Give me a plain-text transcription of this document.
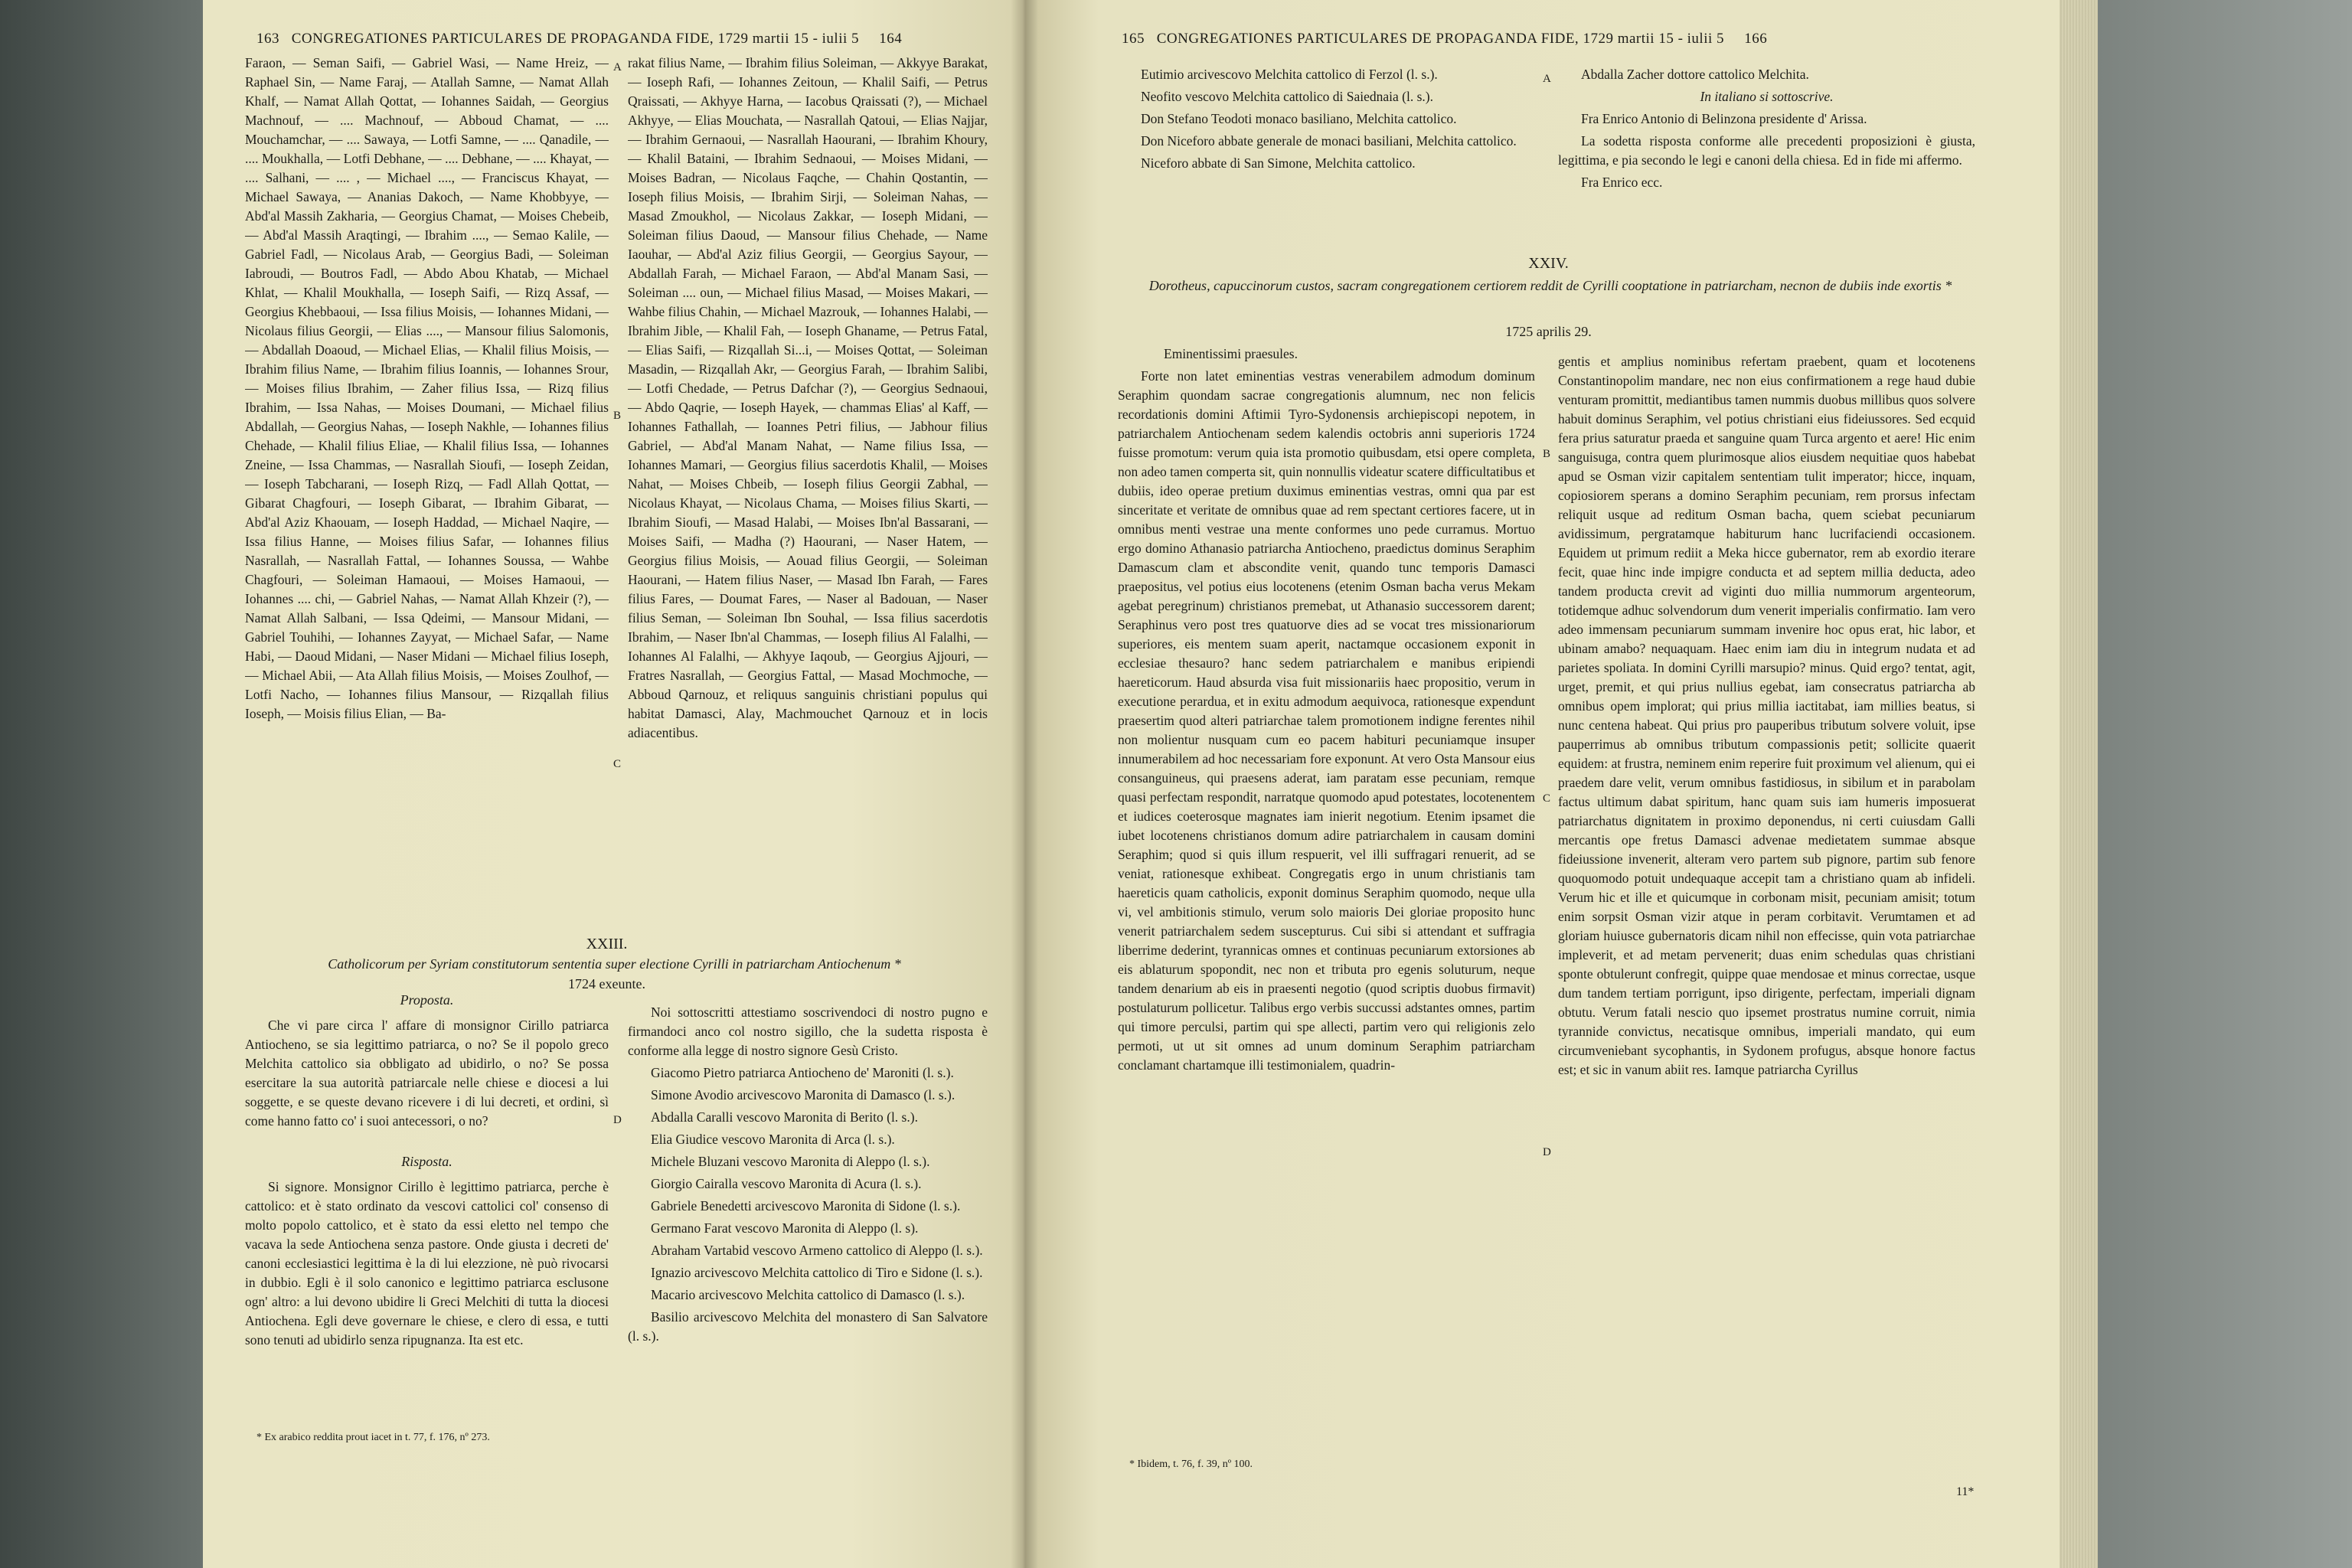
163 CONGREGATIONES PARTICULARES DE PROPAGANDA FIDE, 1729 martii 15 - iulii 5 164

Faraon, — Seman Saifi, — Gabriel Wasi, — Name Hreiz, — Raphael Sin, — Name Faraj, — Atallah Samne, — Namat Allah Khalf, — Namat Allah Qottat, — Iohannes Saidah, — Georgius Machnouf, — .... Machnouf, — Abboud Chamat, — .... Mouchamchar, — .... Sawaya, — Lotfi Samne, — .... Qanadile, — .... Moukhalla, — Lotfi Debhane, — .... Debhane, — .... Khayat, — .... Salhani, — .... , — Michael ...., — Franciscus Khayat, — Michael Sawaya, — Ananias Dakoch, — Name Khobbyye, — Abd'al Massih Zakharia, — Georgius Chamat, — Moises Chebeib, — Abd'al Massih Araqtingi, — Ibrahim ...., — Semao Kalile, — Gabriel Fadl, — Nicolaus Arab, — Georgius Badi, — Soleiman Iabroudi, — Boutros Fadl, — Abdo Abou Khatab, — Michael Khlat, — Khalil Moukhalla, — Ioseph Saifi, — Rizq Assaf, — Georgius Khebbaoui, — Issa filius Moisis, — Iohannes Midani, — Nicolaus filius Georgii, — Elias ...., — Mansour filius Salomonis, — Abdallah Doaoud, — Michael Elias, — Khalil filius Moisis, — Ibrahim filius Name, — Ibrahim filius Ioannis, — Iohannes Srour, — Moises filius Ibrahim, — Zaher filius Issa, — Rizq filius Ibrahim, — Issa Nahas, — Moises Doumani, — Michael filius Abdallah, — Georgius Nahas, — Ioseph Nakhle, — Iohannes filius Chehade, — Khalil filius Eliae, — Khalil filius Issa, — Iohannes Zneine, — Issa Chammas, — Nasrallah Sioufi, — Ioseph Zeidan, — Ioseph Tabcharani, — Ioseph Rizq, — Fadl Allah Qottat, — Gibarat Chagfouri, — Ioseph Gibarat, — Ibrahim Gibarat, — Abd'al Aziz Khaouam, — Ioseph Haddad, — Michael Naqire, — Issa filius Hanne, — Moises filius Safar, — Iohannes filius Nasrallah, — Nasrallah Fattal, — Iohannes Soussa, — Wahbe Chagfouri, — Soleiman Hamaoui, — Moises Hamaoui, — Iohannes .... chi, — Gabriel Nahas, — Namat Allah Khzeir (?), — Namat Allah Salbani, — Issa Qdeimi, — Mansour Midani, — Gabriel Touhihi, — Iohannes Zayyat, — Michael Safar, — Name Habi, — Daoud Midani, — Naser Midani — Michael filius Ioseph, — Michael Abii, — Ata Allah filius Moisis, — Moises Zoulhof, — Lotfi Nacho, — Iohannes filius Mansour, — Rizqallah filius Ioseph, — Moisis filius Elian, — Ba-

rakat filius Name, — Ibrahim filius Soleiman, — Akkyye Barakat, — Ioseph Rafi, — Iohannes Zeitoun, — Khalil Saifi, — Petrus Qraissati, — Akhyye Harna, — Iacobus Qraissati (?), — Michael Akhyye, — Elias Mouchata, — Nasrallah Qatoui, — Elias Najjar, — Ibrahim Gernaoui, — Nasrallah Haourani, — Ibrahim Khoury, — Khalil Bataini, — Ibrahim Sednaoui, — Moises Midani, — Moises Badran, — Nicolaus Faqche, — Chahin Qostantin, — Ioseph filius Moisis, — Ibrahim Sirji, — Soleiman Nahas, — Masad Zmoukhol, — Nicolaus Zakkar, — Ioseph Midani, — Soleiman filius Daoud, — Mansour filius Chehade, — Name Iaouhar, — Abd'al Aziz filius Georgii, — Georgius Sayour, — Abdallah Farah, — Michael Faraon, — Abd'al Manam Sasi, — Soleiman .... oun, — Michael filius Masad, — Moises Makari, — Wahbe filius Chahin, — Michael Mazrouk, — Iohannes Halabi, — Ibrahim Jible, — Khalil Fah, — Ioseph Ghaname, — Petrus Fatal, — Elias Saifi, — Rizqallah Si...i, — Moises Qottat, — Soleiman Masadin, — Rizqallah Akr, — Georgius Farah, — Ibrahim Salibi, — Lotfi Chedade, — Petrus Dafchar (?), — Georgius Sednaoui, — Abdo Qaqrie, — Ioseph Hayek, — chammas Elias' al Kaff, — Iohannes Fathallah, — Ioannes Petri filius, — Jabhour filius Gabriel, — Abd'al Manam Nahat, — Name filius Issa, — Iohannes Mamari, — Georgius filius sacerdotis Khalil, — Moises Nahat, — Moises Chbeib, — Ioseph filius Georgii Zabhal, — Nicolaus Khayat, — Nicolaus Chama, — Moises filius Skarti, — Ibrahim Sioufi, — Masad Halabi, — Moises Ibn'al Bassarani, — Moises Saifi, — Madha (?) Haourani, — Naser Hatem, — Georgius filius Moisis, — Aouad filius Georgii, — Soleiman Haourani, — Hatem filius Naser, — Masad Ibn Farah, — Fares filius Fares, — Doumat Fares, — Naser al Badouan, — Naser filius Seman, — Soleiman Ibn Souhal, — Issa filius sacerdotis Ibrahim, — Naser Ibn'al Chammas, — Ioseph filius Al Falalhi, — Iohannes Al Falalhi, — Akhyye Iaqoub, — Georgius Ajjouri, — Fratres Nasrallah, — Georgius Fattal, — Masad Mochmoche, — Abboud Qarnouz, et reliquus sanguinis christiani populus qui habitat Damasci, Alay, Machmouchet Qarnouz et in locis adiacentibus.

A
B
C
D
XXIII.
Catholicorum per Syriam constitutorum sententia super electione Cyrilli in patriarcham Antiochenum *
1724 exeunte.
Proposta.

Che vi pare circa l' affare di monsignor Cirillo patriarca Antiocheno, se sia legittimo patriarca, o no? Se il popolo greco Melchita cattolico sia obbligato ad ubidirlo, o no? Se possa esercitare la sua autorità patriarcale nelle chiese e diocesi a lui soggette, e se queste devano ricevere i di lui decreti, et ordini, sì come hanno fatto co' i suoi antecessori, o no?

Risposta.

Si signore. Monsignor Cirillo è legittimo patriarca, perche è cattolico: et è stato ordinato da vescovi cattolici col' consenso di molto popolo cattolico, et è stato da essi eletto nel tempo che vacava la sede Antiochena senza pastore. Onde giusta i decreti de' canoni ecclesiastici legittima è la di lui elezzione, nè può rivocarsi in dubbio. Egli è il solo canonico e legittimo patriarca esclusone ogn' altro: a lui devono ubidire li Greci Melchiti di tutta la diocesi Antiochena. Egli deve governare le chiese, e clero di essa, e tutti sono tenuti ad ubidirlo senza ripugnanza. Ita est etc.

Noi sottoscritti attestiamo soscrivendoci di nostro pugno e firmandoci anco col nostro sigillo, che la sudetta risposta è conforme alla legge di nostro signore Gesù Cristo.

Giacomo Pietro patriarca Antiocheno de' Maroniti (l. s.).

Simone Avodio arcivescovo Maronita di Damasco (l. s.).

Abdalla Caralli vescovo Maronita di Berito (l. s.).

Elia Giudice vescovo Maronita di Arca (l. s.).

Michele Bluzani vescovo Maronita di Aleppo (l. s.).

Giorgio Cairalla vescovo Maronita di Acura (l. s.).

Gabriele Benedetti arcivescovo Maronita di Sidone (l. s.).

Germano Farat vescovo Maronita di Aleppo (l. s).

Abraham Vartabid vescovo Armeno cattolico di Aleppo (l. s.).

Ignazio arcivescovo Melchita cattolico di Tiro e Sidone (l. s.).

Macario arcivescovo Melchita cattolico di Damasco (l. s.).

Basilio arcivescovo Melchita del monastero di San Salvatore (l. s.).

* Ex arabico reddita prout iacet in t. 77, f. 176, nº 273.
165 CONGREGATIONES PARTICULARES DE PROPAGANDA FIDE, 1729 martii 15 - iulii 5 166

Eutimio arcivescovo Melchita cattolico di Ferzol (l. s.).

Neofito vescovo Melchita cattolico di Saiednaia (l. s.).

Don Stefano Teodoti monaco basiliano, Melchita cattolico.

Don Niceforo abbate generale de monaci basiliani, Melchita cattolico.

Niceforo abbate di San Simone, Melchita cattolico.

Abdalla Zacher dottore cattolico Melchita.

In italiano si sottoscrive.

Fra Enrico Antonio di Belinzona presidente d' Arissa.

La sodetta risposta conforme alle precedenti proposizioni è giusta, legittima, e pia secondo le legi e canoni della chiesa. Ed in fide mi affermo.

Fra Enrico ecc.

A
B
C
D
XXIV.
Dorotheus, capuccinorum custos, sacram congregationem certiorem reddit de Cyrilli cooptatione in patriarcham, necnon de dubiis inde exortis *
1725 aprilis 29.

Eminentissimi praesules.

Forte non latet eminentias vestras venerabilem admodum dominum Seraphim quondam sacrae congregationis alumnum, nec non felicis recordationis domini Aftimii Tyro-Sydonensis archiepiscopi nepotem, in patriarchalem Antiochenam sedem kalendis octobris anni superioris 1724 fuisse promotum: verum quia ista promotio quibusdam, etsi opere completa, non adeo tamen comperta sit, quin nonnullis videatur scatere difficultatibus et dubiis, ideo operae pretium duximus eminentias vestras, omni qua par est sinceritate et veritate de omnibus quae ad rem spectant certiores facere, ut in omnibus menti vestrae una mente conformes uno pede curramus. Mortuo ergo domino Athanasio patriarcha Antiocheno, praedictus dominus Seraphim Damascum clam et abscondite venit, quando tunc temporis Damasci praepositus, vel potius eius locotenens (etenim Osman bacha verus Mekam agebat peregrinum) christianos premebat, ut Athanasio successorem darent; Seraphinus vero post tres quatuorve dies ad se vocat tres missionariorum superiores, eis mentem suam aperit, nactamque occasionem exponit in ecclesiae thesauro? hanc sedem patriarchalem e manibus eripiendi haereticorum. Haud absurda visa fuit missionariis haec propositio, verum in executione perardua, et in exitu admodum aequivoca, rationesque expendunt praesertim quod alteri patriarchae talem promotionem indigne ferentes nihil non molientur nusquam cum eo pacem habituri pecuniamque insuper innumerabilem ad hoc necessariam fore exponunt. At vero Osta Mansour eius consanguineus, qui praesens aderat, iam paratam esse pecuniam, remque quasi perfectam respondit, narratque quomodo apud potestates, locotenentem et iudices coeterosque magnates iam inierit negotium. Etenim ipsamet die iubet locotenens christianos domum adire patriarchalem in causam domini Seraphim; quod si quis illum respuerit, vel illi suffragari renuerit, ad se veniat, rationesque exhibeat. Congregatis ergo in unum christianis tam haereticis quam catholicis, exponit dominus Seraphim quomodo, neque ulla vi, vel ambitionis stimulo, verum solo maioris Dei gloriae proposito hunc venerit patriarchalem sedem suscepturus. Cui sibi si attendant et suffragia liberrime dederint, tyrannicas omnes et continuas pecuniarum extorsiones ab eis ablaturum spopondit, nec non et tributa pro egenis soluturum, neque tandem denarium ab eis in praesenti negotio (quod scriptis duobus firmavit) postulaturum pollicetur. Talibus ergo verbis succussi adstantes omnes, partim qui timore perculsi, partim qui spe allecti, partim vero qui religionis zelo permoti, ut ut sit omnes ad unum dominum Seraphim patriarcham conclamant chartamque illi testimonialem, quadrin-

gentis et amplius nominibus refertam praebent, quam et locotenens Constantinopolim mandare, nec non eius confirmationem a rege haud dubie venturam promittit, mediantibus tamen nummis duobus millibus quos solvere habuit dominus Seraphim, vel potius christiani eius fideiussores. Sed ecquid fera prius saturatur praeda et sanguine quam Turca argento et aere! Hic enim sanguisuga, contra quem plurimosque alios eiusdem nequitiae quos habebat apud se Osman vizir capitalem sententiam tulit imperator; hicce, inquam, copiosiorem sperans a domino Seraphim pecuniam, rem prorsus infectam reliquit usque ad reditum Osman bacha, quem sciebat pecuniarum avidissimum, pergratamque habiturum hanc lucrifaciendi occasionem. Equidem ut primum rediit a Meka hicce gubernator, rem ab exordio iterare fecit, quae hinc inde impigre conducta et ad septem millia deducta, adeo tandem producta crevit ad viginti duo millia nummorum argenteorum, totidemque adhuc solvendorum dum venerit imperialis confirmatio. Iam vero adeo immensam pecuniarum summam invenire hoc opus erat, hic labor, et ubinam amabo? nequaquam. Haec enim iam diu in integrum nudata et ad parietes spoliata. In domini Cyrilli marsupio? minus. Quid ergo? tentat, agit, urget, premit, et qui prius nullius egebat, iam consecratus patriarcha ab omnibus opem implorat; qui prius millia iactitabat, iam millies beatus, si nunc centena habeat. Qui prius pro pauperibus tributum solvere voluit, ipse pauperrimus ab omnibus tributum compassionis petit; sollicite quaerit equidem: at frustra, neminem enim reperire fuit proximum vel alienum, qui ei praedem dare velit, verum omnibus fastidiosus, in sibilum et in parabolam factus ultimum dabat spiritum, hanc quam suis iam humeris imposuerat patriarchatus dignitatem in proximo deponendus, ni certi cuiusdam Galli mercantis ope fretus Damasci advenae medietatem summae absque fideiussione invenerit, alteram vero partem sub pignore, partim sub fenore quoquomodo potuit undequaque accepit tam a christiano quam ab infideli. Verum hic et ille et quicumque in corbonam misit, pecuniam amisit; totum enim sorpsit Osman vizir atque in peram corbitavit. Verumtamen et ad gloriam huiusce gubernatoris dicam nihil non effecisse, quin vota patriarchae impleverit, et ad metam pervenerit; duas enim schedulas quas christiani sponte obtulerunt confregit, quippe quae mendosae et minus correctae, usque dum tandem tertiam porrigunt, ipso dirigente, perfectam, imperiali dignam obtutu. Verum fatali nescio quo ipsemet prostratus numine corruit, nimia tyrannide convictus, necatisque omnibus, imperiali mandato, qui eum circumveniebant sycophantis, in Sydonem profugus, absque honore factus est; et sic in vanum abiit res. Iamque patriarcha Cyrillus

* Ibidem, t. 76, f. 39, nº 100.
11*
